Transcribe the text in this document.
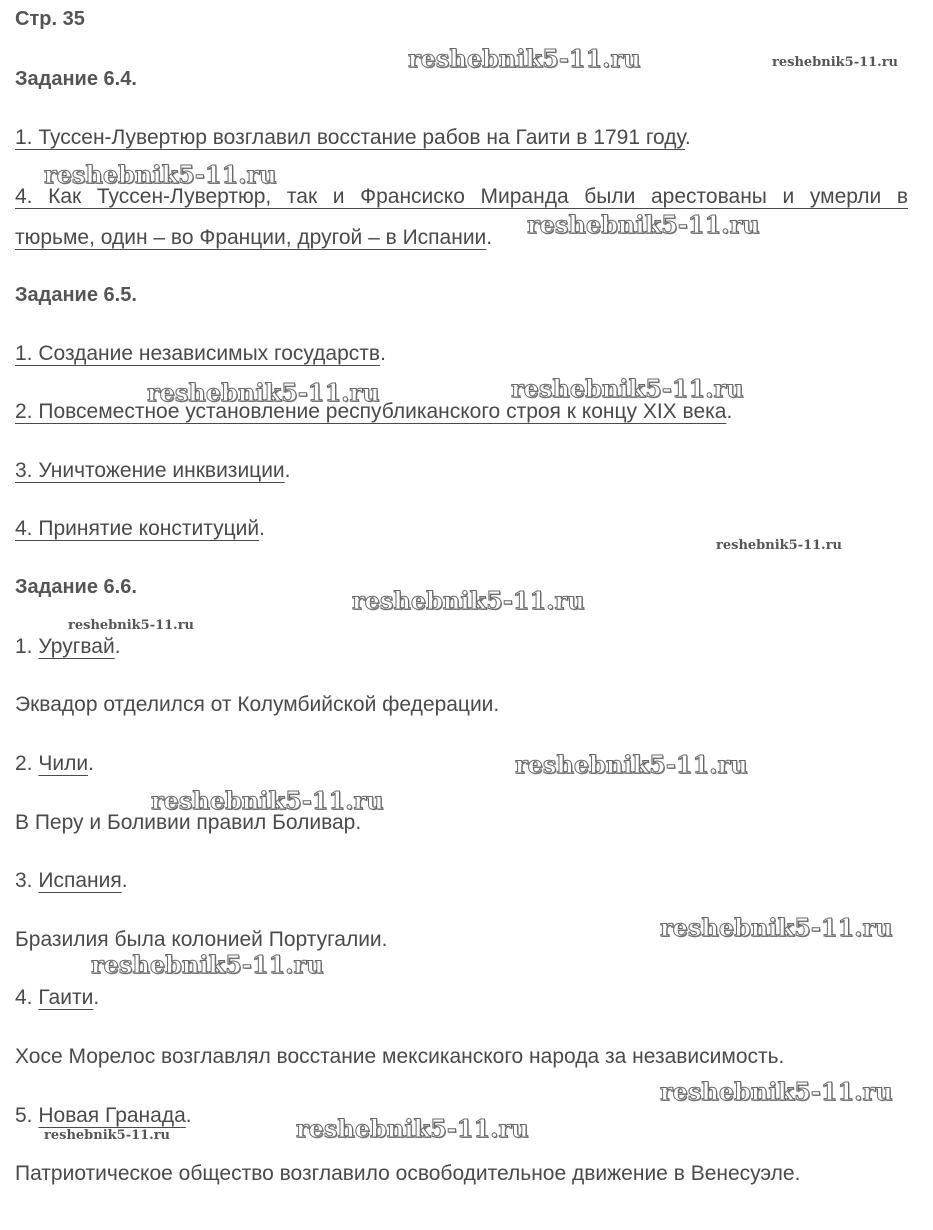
Стр. 35
Задание 6.4.
1. Туссен-Лувертюр возглавил восстание рабов на Гаити в 1791 году.
4. Как Туссен-Лувертюр, так и Франсиско Миранда были арестованы и умерли в
тюрьме, один – во Франции, другой – в Испании.
Задание 6.5.
1. Создание независимых государств.
2. Повсеместное установление республиканского строя к концу XIX века.
3. Уничтожение инквизиции.
4. Принятие конституций.
Задание 6.6.
1. Уругвай.
Эквадор отделился от Колумбийской федерации.
2. Чили.
В Перу и Боливии правил Боливар.
3. Испания.
Бразилия была колонией Португалии.
4. Гаити.
Хосе Морелос возглавлял восстание мексиканского народа за независимость.
5. Новая Гранада.
Патриотическое общество возглавило освободительное движение в Венесуэле.
reshebnik5-11.ru	reshebnik5-11.ru
reshebnik5-11.ru
reshebnik5-11.ru
reshebnik5-11.ru	reshebnik5-11.ru
reshebnik5-11.ru
reshebnik5-11.ru
reshebnik5-11.ru
reshebnik5-11.ru
reshebnik5-11.ru
reshebnik5-11.ru
reshebnik5-11.ru
reshebnik5-11.ru
reshebnik5-11.ru
reshebnik5-11.ru
